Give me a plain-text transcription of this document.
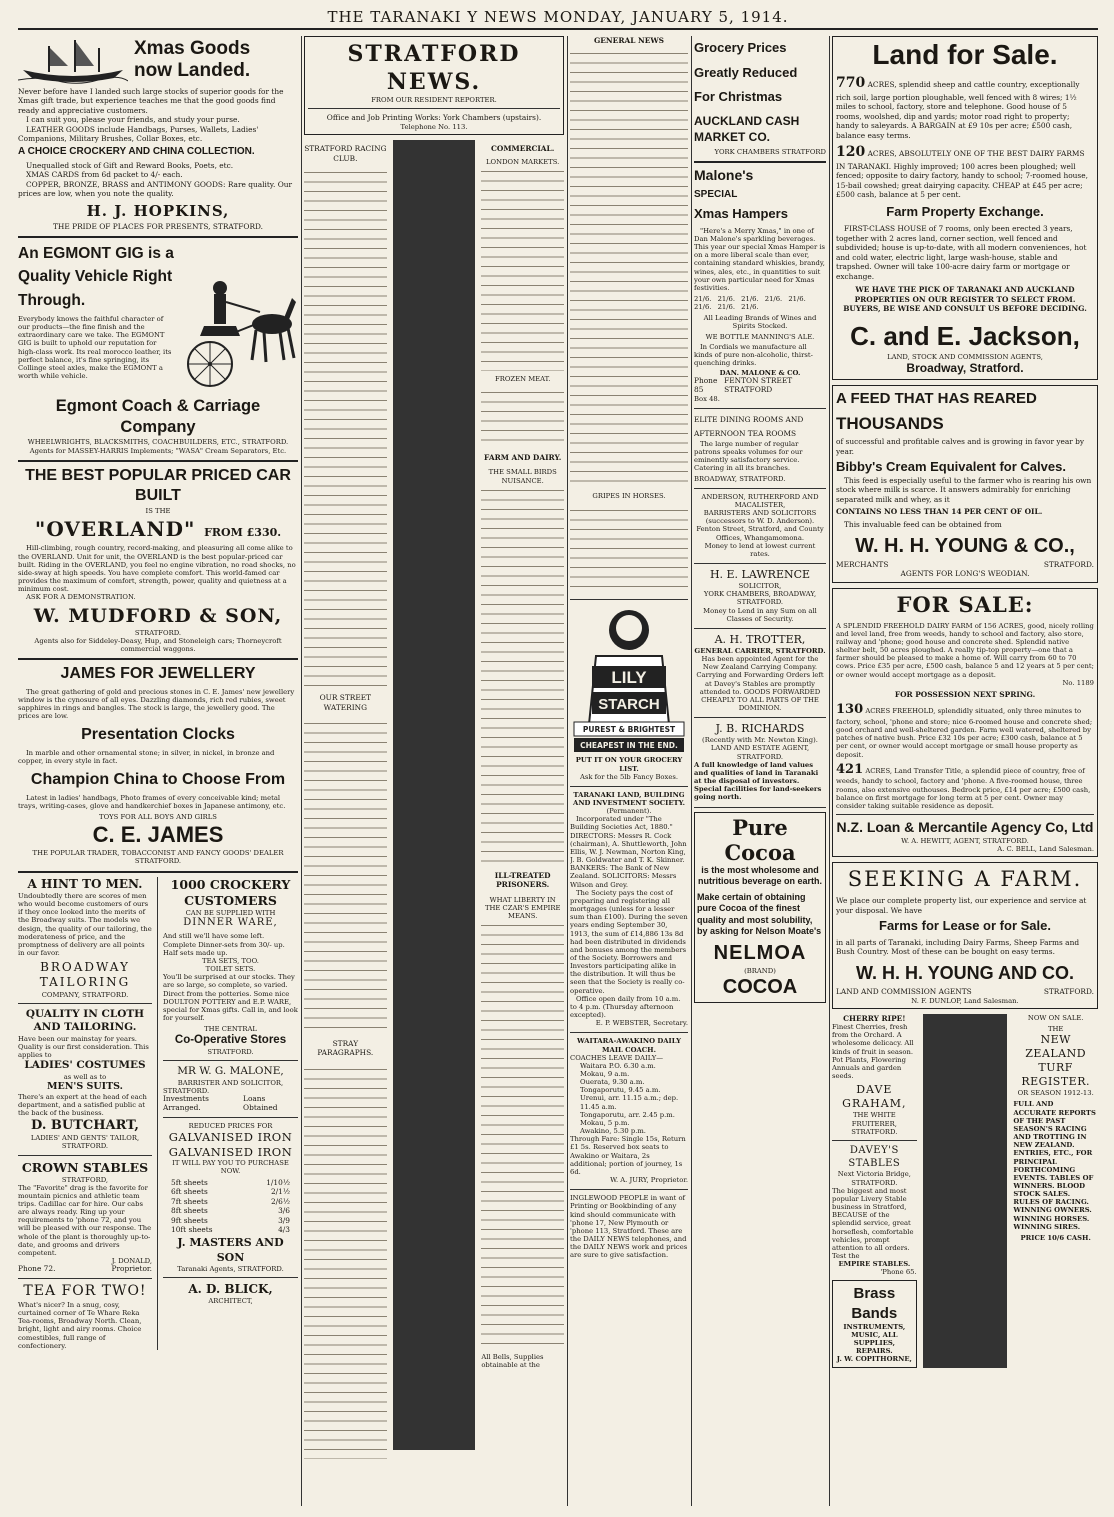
THE TARANAKI Y NEWS MONDAY, JANUARY 5, 1914.
Xmas Goods
now Landed.
Never before have I landed such large stocks of superior goods for the Xmas gift trade, but experience teaches me that the good goods find ready and appreciative customers.
I can suit you, please your friends, and study your purse.
LEATHER GOODS include Handbags, Purses, Wallets, Ladies' Companions, Military Brushes, Collar Boxes, etc.
A CHOICE CROCKERY AND CHINA COLLECTION.
Unequalled stock of Gift and Reward Books, Poets, etc.
XMAS CARDS from 6d packet to 4/- each.
COPPER, BRONZE, BRASS and ANTIMONY GOODS: Rare quality. Our prices are low, when you note the quality.
H. J. HOPKINS,
THE PRIDE OF PLACES FOR PRESENTS, STRATFORD.
An EGMONT GIG is a Quality Vehicle Right Through.
Everybody knows the faithful character of our products—the fine finish and the extraordinary care we take. The EGMONT GIG is built to uphold our reputation for high-class work. Its real morocco leather, its perfect balance, it's fine springing, its Collinge steel axles, make the EGMONT a worth while vehicle.
Egmont Coach & Carriage Company
WHEELWRIGHTS, BLACKSMITHS, COACHBUILDERS, ETC., STRATFORD. Agents for MASSEY-HARRIS Implements; "WASA" Cream Separators, Etc.
THE BEST POPULAR PRICED CAR BUILT
IS THE
"OVERLAND" FROM £330.
Hill-climbing, rough country, record-making, and pleasuring all come alike to the OVERLAND. Unit for unit, the OVERLAND is the best popular-priced car built. Riding in the OVERLAND, you feel no engine vibration, no road shocks, no side-sway at high speeds. You have complete comfort. This world-famed car provides the maximum of comfort, strength, power, quality and quietness at a minimum cost.
ASK FOR A DEMONSTRATION.
W. MUDFORD & SON,
STRATFORD.
Agents also for Siddeley-Deasy, Hup, and Stoneleigh cars; Thorneycroft commercial waggons.
JAMES FOR JEWELLERY
The great gathering of gold and precious stones in C. E. James' new jewellery window is the cynosure of all eyes. Dazzling diamonds, rich red rubies, sweet sapphires in rings and bangles. The stock is large, the jewellery good. The prices are low.
Presentation Clocks
In marble and other ornamental stone; in silver, in nickel, in bronze and copper, in every style in fact.
Champion China to Choose From
Latest in ladies' handbags, Photo frames of every conceivable kind; metal trays, writing-cases, glove and handkerchief boxes in Japanese antimony, etc.
TOYS FOR ALL BOYS AND GIRLS
C. E. JAMES
THE POPULAR TRADER, TOBACCONIST AND FANCY GOODS' DEALER
STRATFORD.
A HINT TO MEN.
Undoubtedly there are scores of men who would become customers of ours if they once looked into the merits of the Broadway suits. The models we design, the quality of our tailoring, the moderateness of price, and the promptness of delivery are all points in our favor.
BROADWAY TAILORING
COMPANY, STRATFORD.
QUALITY IN CLOTH AND TAILORING.
Have been our mainstay for years. Quality is our first consideration. This applies to
LADIES' COSTUMES
as well as to
MEN'S SUITS.
There's an expert at the head of each department, and a satisfied public at the back of the business.
D. BUTCHART,
LADIES' AND GENTS' TAILOR, STRATFORD.
CROWN STABLES
STRATFORD,
The "Favorite" drag is the favorite for mountain picnics and athletic team trips. Cadillac car for hire. Our cabs are always ready. Ring up your requirements to 'phone 72, and you will be pleased with our response. The whole of the plant is thoroughly up-to-date, and grooms and drivers competent.
J. DONALD,
Phone 72.	Proprietor.
TEA FOR TWO!
What's nicer? In a snug, cosy, curtained corner of Te Whare Reka Tea-rooms, Broadway North. Clean, bright, light and airy rooms. Choice comestibles, full range of confectionery.
1000 CROCKERY CUSTOMERS
CAN BE SUPPLIED WITH
DINNER WARE,
And still we'll have some left. Complete Dinner-sets from 30/- up. Half sets made up.
TEA SETS, TOO.
TOILET SETS.
You'll be surprised at our stocks. They are so large, so complete, so varied. Direct from the potteries. Some nice DOULTON POTTERY and E.P. WARE, special for Xmas gifts. Call in, and look for yourself.
THE CENTRAL
Co-Operative Stores
STRATFORD.
MR W. G. MALONE,
BARRISTER AND SOLICITOR,
STRATFORD.
Investments Arranged.
Loans Obtained
REDUCED PRICES FOR
GALVANISED IRON
GALVANISED IRON
IT WILL PAY YOU TO PURCHASE NOW.
5ft sheets	1/10½
6ft sheets	2/1½
7ft sheets	2/6½
8ft sheets	3/6
9ft sheets	3/9
10ft sheets	4/3
J. MASTERS AND SON
Taranaki Agents, STRATFORD.
A. D. BLICK,
ARCHITECT,
STRATFORD NEWS.
FROM OUR RESIDENT REPORTER.
Office and Job Printing Works: York Chambers (upstairs).
Telephone No. 113.
STRATFORD RACING CLUB.
OUR STREET WATERING
STRAY PARAGRAPHS.
COMMERCIAL.
LONDON MARKETS.
FROZEN MEAT.
FARM AND DAIRY.
THE SMALL BIRDS NUISANCE.
ILL-TREATED PRISONERS.
WHAT LIBERTY IN THE CZAR'S EMPIRE MEANS.
All Bells, Supplies obtainable at the
GENERAL NEWS
GRIPES IN HORSES.
LILY
STARCH
PUREST & BRIGHTEST
CHEAPEST IN THE END.
PUT IT ON YOUR GROCERY LIST.
Ask for the 5lb Fancy Boxes.
TARANAKI LAND, BUILDING AND INVESTMENT SOCIETY.
(Permanent).
Incorporated under "The Building Societies Act, 1880."
DIRECTORS: Messrs R. Cock (chairman), A. Shuttleworth, John Ellis, W. J. Newman, Norton King, J. B. Goldwater and T. K. Skinner. BANKERS: The Bank of New Zealand. SOLICITORS: Messrs Wilson and Grey.
The Society pays the cost of preparing and registering all mortgages (unless for a lesser sum than £100). During the seven years ending September 30, 1913, the sum of £14,886 13s 8d had been distributed in dividends and bonuses among the members of the Society. Borrowers and Investors participating alike in the distribution. It will thus be seen that the Society is really co-operative.
Office open daily from 10 a.m. to 4 p.m. (Thursday afternoon excepted).
E. P. WEBSTER, Secretary.
WAITARA-AWAKINO DAILY MAIL COACH.
COACHES LEAVE DAILY—
Waitara P.O. 6.30 a.m.
Mokau, 9 a.m.
Ouerata, 9.30 a.m.
Tongaporutu, 9.45 a.m.
Urenui, arr. 11.15 a.m.; dep. 11.45 a.m.
Tongaporutu, arr. 2.45 p.m.
Mokau, 5 p.m.
Awakino, 5.30 p.m.
Through Fare: Single 15s, Return £1 5s. Reserved box seats to Awakino or Waitara, 2s additional; portion of journey, 1s 6d.
W. A. JURY, Proprietor.
INGLEWOOD PEOPLE in want of Printing or Bookbinding of any kind should communicate with 'phone 17, New Plymouth or 'phone 113, Stratford. These are the DAILY NEWS telephones, and the DAILY NEWS work and prices are sure to give satisfaction.
Grocery Prices
Greatly Reduced
For Christmas
AUCKLAND CASH MARKET CO.
YORK CHAMBERS STRATFORD
Malone's
SPECIAL
Xmas Hampers
"Here's a Merry Xmas," in one of Dan Malone's sparkling beverages. This year our special Xmas Hamper is on a more liberal scale than ever, containing standard whiskies, brandy, wines, ales, etc., in quantities to suit your own particular need for Xmas festivities.
21/6. 21/6. 21/6. 21/6. 21/6. 21/6. 21/6. 21/6.
All Leading Brands of Wines and Spirits Stocked.
WE BOTTLE MANNING'S ALE.
In Cordials we manufacture all kinds of pure non-alcoholic, thirst-quenching drinks.
DAN. MALONE & CO.
Phone 85
FENTON STREET STRATFORD
Box 48.
ELITE DINING ROOMS AND AFTERNOON TEA ROOMS
The large number of regular patrons speaks volumes for our eminently satisfactory service. Catering in all its branches.
BROADWAY, STRATFORD.
ANDERSON, RUTHERFORD AND MACALISTER,
BARRISTERS AND SOLICITORS
(successors to W. D. Anderson).
Fenton Street, Stratford, and County Offices, Whangamomona.
Money to lend at lowest current rates.
H. E. LAWRENCE
SOLICITOR,
YORK CHAMBERS, BROADWAY, STRATFORD.
Money to Lend in any Sum on all Classes of Security.
A. H. TROTTER,
GENERAL CARRIER, STRATFORD.
Has been appointed Agent for the New Zealand Carrying Company. Carrying and Forwarding Orders left at Davey's Stables are promptly attended to. GOODS FORWARDED CHEAPLY TO ALL PARTS OF THE DOMINION.
J. B. RICHARDS
(Recently with Mr. Newton King).
LAND AND ESTATE AGENT, STRATFORD.
A full knowledge of land values and qualities of land in Taranaki at the disposal of investors.
Special facilities for land-seekers going north.
Pure Cocoa
is the most wholesome and nutritious beverage on earth.
Make certain of obtaining pure Cocoa of the finest quality and most solubility, by asking for Nelson Moate's
NELMOA
(BRAND)
COCOA
Land for Sale.
770 ACRES, splendid sheep and cattle country, exceptionally rich soil, large portion ploughable, well fenced with 8 wires; 1½ miles to school, factory, store and telephone. Good house of 5 rooms, woolshed, dip and yards; motor road right to property; handy to saleyards. A BARGAIN at £9 10s per acre; £500 cash, balance easy terms.
120 ACRES, ABSOLUTELY ONE OF THE BEST DAIRY FARMS IN TARANAKI. Highly improved; 100 acres been ploughed; well fenced; opposite to dairy factory, handy to school; 7-roomed house, 15-bail cowshed; great dairying capacity. CHEAP at £45 per acre; £500 cash, balance at 5 per cent.
Farm Property Exchange.
FIRST-CLASS HOUSE of 7 rooms, only been erected 3 years, together with 2 acres land, corner section, well fenced and subdivided; house is up-to-date, with all modern conveniences, hot and cold water, electric light, large wash-house, stable and trapshed. Owner will take 100-acre dairy farm or mortgage or exchange.
WE HAVE THE PICK OF TARANAKI AND AUCKLAND PROPERTIES ON OUR REGISTER TO SELECT FROM. BUYERS, BE WISE AND CONSULT US BEFORE DECIDING.
C. and E. Jackson,
LAND, STOCK AND COMMISSION AGENTS,
Broadway, Stratford.
A FEED THAT HAS REARED
THOUSANDS
of successful and profitable calves and is growing in favor year by year.
Bibby's Cream Equivalent for Calves.
This feed is especially useful to the farmer who is rearing his own stock where milk is scarce. It answers admirably for enriching separated milk and whey, as it
CONTAINS NO LESS THAN 14 PER CENT OF OIL.
This invaluable feed can be obtained from
W. H. H. YOUNG & CO.,
MERCHANTS	STRATFORD.
AGENTS FOR LONG'S WEODIAN.
FOR SALE:
A SPLENDID FREEHOLD DAIRY FARM of 156 ACRES, good, nicely rolling and level land, free from weeds, handy to school and factory, also store, railway and 'phone; good house and concrete shed. Splendid native shelter belt, 50 acres ploughed. A really tip-top property—one that a farmer should be pleased to make a home of. Will carry from 60 to 70 cows. Price £35 per acre, £500 cash, balance 5 and 12 years at 5 per cent; or owner would accept mortgage as a deposit.
No. 1189
FOR POSSESSION NEXT SPRING.
130 ACRES FREEHOLD, splendidly situated, only three minutes to factory, school, 'phone and store; nice 6-roomed house and concrete shed; good orchard and well-sheltered garden. Farm well watered, sheltered by patches of native bush. Price £32 10s per acre; £300 cash, balance at 5 per cent, or owner would accept mortgage or small house property as deposit.
421 ACRES, Land Transfer Title, a splendid piece of country, free of weeds, handy to school, factory and 'phone. A five-roomed house, three rooms, also extensive outhouses. Bedrock price, £14 per acre; £500 cash, balance on first mortgage for long term at 5 per cent. Owner may consider taking suitable residence as deposit.
N.Z. Loan & Mercantile Agency Co, Ltd
W. A. HEWITT, AGENT, STRATFORD.
A. C. BELL, Land Salesman.
SEEKING A FARM.
We place our complete property list, our experience and service at your disposal. We have
Farms for Lease or for Sale.
in all parts of Taranaki, including Dairy Farms, Sheep Farms and Bush Country. Most of these can be bought on easy terms.
W. H. H. YOUNG AND CO.
LAND AND COMMISSION AGENTS	STRATFORD.
N. F. DUNLOP, Land Salesman.
CHERRY RIPE!
Finest Cherries, fresh from the Orchard. A wholesome delicacy. All kinds of fruit in season. Pot Plants, Flowering Annuals and garden seeds.
DAVE GRAHAM,
THE WHITE FRUITERER, STRATFORD.
DAVEY'S STABLES
Next Victoria Bridge,
STRATFORD.
The biggest and most popular Livery Stable business in Stratford, BECAUSE of the splendid service, great horseflesh, comfortable vehicles, prompt attention to all orders.
Test the
EMPIRE STABLES.
'Phone 65.
Brass Bands
INSTRUMENTS, MUSIC, ALL SUPPLIES, REPAIRS.
J. W. COPITHORNE,
NOW ON SALE.
THE
NEW ZEALAND TURF REGISTER.
OR SEASON 1912-13.
FULL AND ACCURATE REPORTS OF THE PAST SEASON'S RACING AND TROTTING IN NEW ZEALAND. ENTRIES, ETC., FOR PRINCIPAL FORTHCOMING EVENTS. TABLES OF WINNERS. BLOOD STOCK SALES. RULES OF RACING. WINNING OWNERS. WINNING HORSES. WINNING SIRES.
PRICE 10/6 CASH.
